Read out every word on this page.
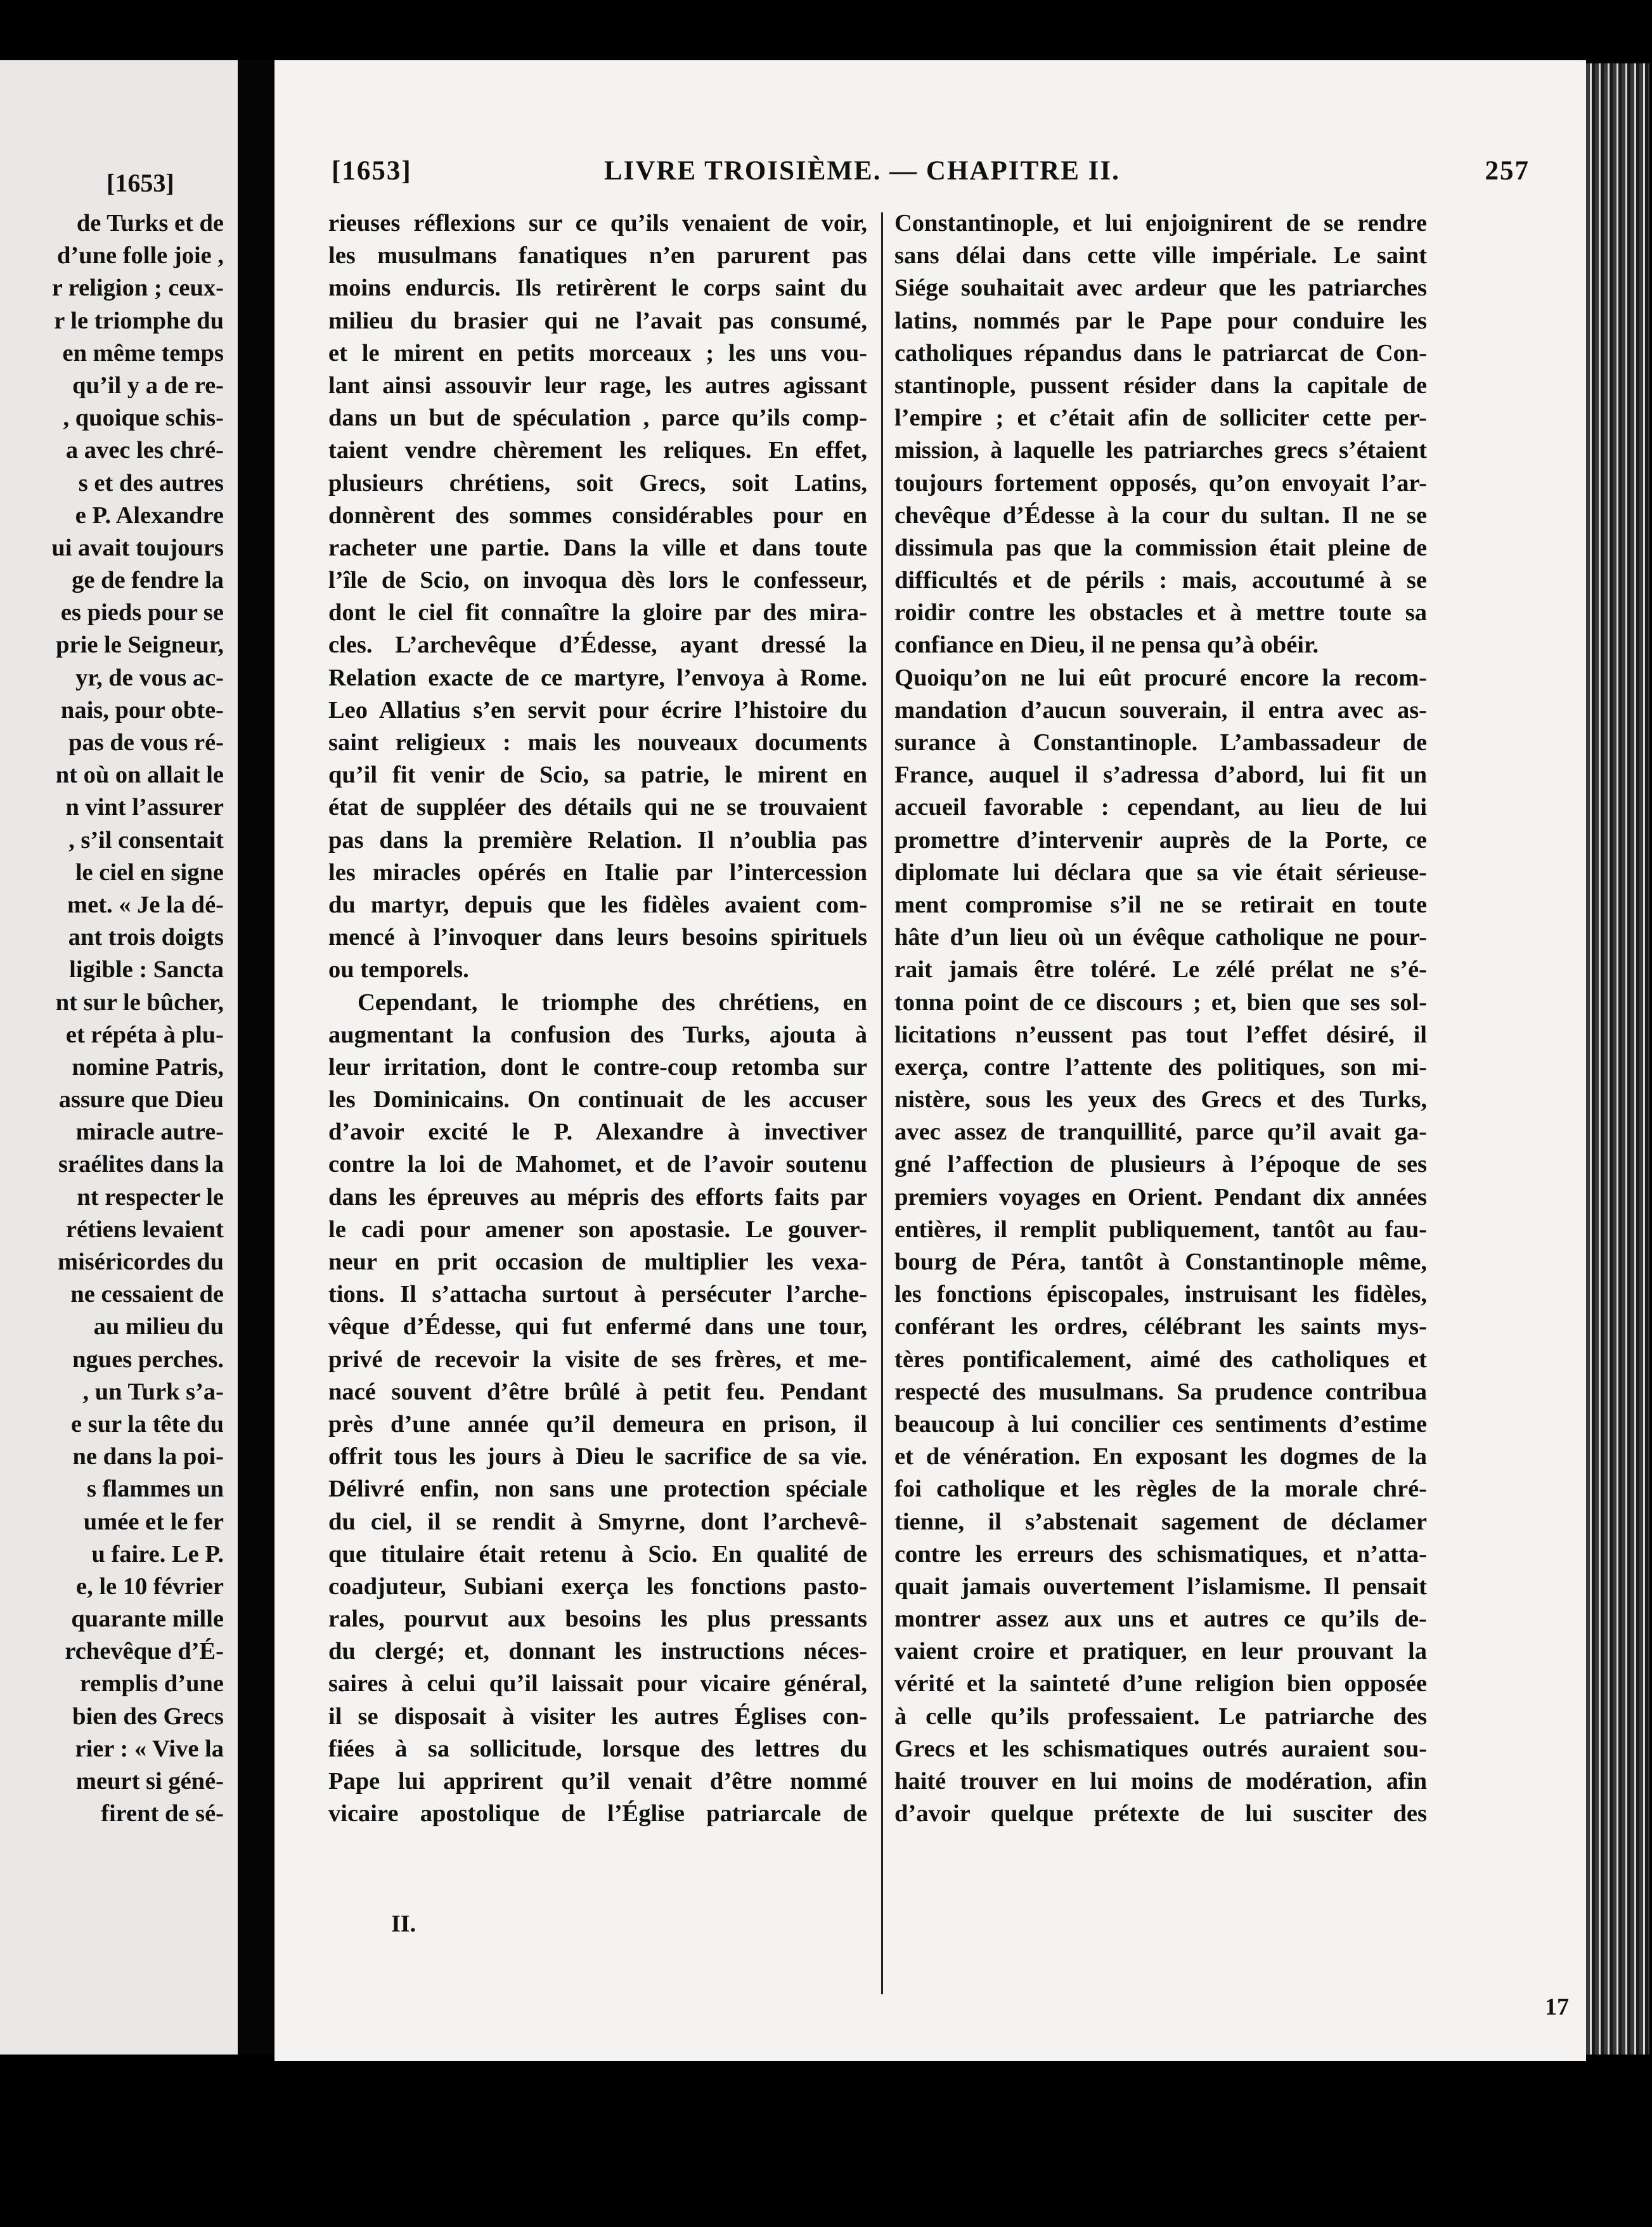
[1653]
de Turks et de
d’une folle joie ,
r religion ; ceux-
r le triomphe du
en même temps
qu’il y a de re-
, quoique schis-
a avec les chré-
s et des autres
e P. Alexandre
ui avait toujours
ge de fendre la
es pieds pour se
prie le Seigneur,
yr, de vous ac-
nais, pour obte-
pas de vous ré-
nt où on allait le
n vint l’assurer
, s’il consentait
le ciel en signe
met. « Je la dé-
ant trois doigts
ligible : Sancta
nt sur le bûcher,
et répéta à plu-
nomine Patris,
assure que Dieu
miracle autre-
sraélites dans la
nt respecter le
rétiens levaient
miséricordes du
ne cessaient de
au milieu du
ngues perches.
, un Turk s’a-
e sur la tête du
ne dans la poi-
s flammes un
umée et le fer
u faire. Le P.
e, le 10 février
quarante mille
rchevêque d’É-
remplis d’une
bien des Grecs
rier : « Vive la
meurt si géné-
firent de sé-
[1653]	LIVRE TROISIÈME. — CHAPITRE II.	257
rieuses réflexions sur ce qu’ils venaient de voir,
les musulmans fanatiques n’en parurent pas
moins endurcis. Ils retirèrent le corps saint du
milieu du brasier qui ne l’avait pas consumé,
et le mirent en petits morceaux ; les uns vou-
lant ainsi assouvir leur rage, les autres agissant
dans un but de spéculation , parce qu’ils comp-
taient vendre chèrement les reliques. En effet,
plusieurs chrétiens, soit Grecs, soit Latins,
donnèrent des sommes considérables pour en
racheter une partie. Dans la ville et dans toute
l’île de Scio, on invoqua dès lors le confesseur,
dont le ciel fit connaître la gloire par des mira-
cles. L’archevêque d’Édesse, ayant dressé la
Relation exacte de ce martyre, l’envoya à Rome.
Leo Allatius s’en servit pour écrire l’histoire du
saint religieux : mais les nouveaux documents
qu’il fit venir de Scio, sa patrie, le mirent en
état de suppléer des détails qui ne se trouvaient
pas dans la première Relation. Il n’oublia pas
les miracles opérés en Italie par l’intercession
du martyr, depuis que les fidèles avaient com-
mencé à l’invoquer dans leurs besoins spirituels
ou temporels.
Cependant, le triomphe des chrétiens, en
augmentant la confusion des Turks, ajouta à
leur irritation, dont le contre-coup retomba sur
les Dominicains. On continuait de les accuser
d’avoir excité le P. Alexandre à invectiver
contre la loi de Mahomet, et de l’avoir soutenu
dans les épreuves au mépris des efforts faits par
le cadi pour amener son apostasie. Le gouver-
neur en prit occasion de multiplier les vexa-
tions. Il s’attacha surtout à persécuter l’arche-
vêque d’Édesse, qui fut enfermé dans une tour,
privé de recevoir la visite de ses frères, et me-
nacé souvent d’être brûlé à petit feu. Pendant
près d’une année qu’il demeura en prison, il
offrit tous les jours à Dieu le sacrifice de sa vie.
Délivré enfin, non sans une protection spéciale
du ciel, il se rendit à Smyrne, dont l’archevê-
que titulaire était retenu à Scio. En qualité de
coadjuteur, Subiani exerça les fonctions pasto-
rales, pourvut aux besoins les plus pressants
du clergé; et, donnant les instructions néces-
saires à celui qu’il laissait pour vicaire général,
il se disposait à visiter les autres Églises con-
fiées à sa sollicitude, lorsque des lettres du
Pape lui apprirent qu’il venait d’être nommé
vicaire apostolique de l’Église patriarcale de
Constantinople, et lui enjoignirent de se rendre
sans délai dans cette ville impériale. Le saint
Siége souhaitait avec ardeur que les patriarches
latins, nommés par le Pape pour conduire les
catholiques répandus dans le patriarcat de Con-
stantinople, pussent résider dans la capitale de
l’empire ; et c’était afin de solliciter cette per-
mission, à laquelle les patriarches grecs s’étaient
toujours fortement opposés, qu’on envoyait l’ar-
chevêque d’Édesse à la cour du sultan. Il ne se
dissimula pas que la commission était pleine de
difficultés et de périls : mais, accoutumé à se
roidir contre les obstacles et à mettre toute sa
confiance en Dieu, il ne pensa qu’à obéir.
Quoiqu’on ne lui eût procuré encore la recom-
mandation d’aucun souverain, il entra avec as-
surance à Constantinople. L’ambassadeur de
France, auquel il s’adressa d’abord, lui fit un
accueil favorable : cependant, au lieu de lui
promettre d’intervenir auprès de la Porte, ce
diplomate lui déclara que sa vie était sérieuse-
ment compromise s’il ne se retirait en toute
hâte d’un lieu où un évêque catholique ne pour-
rait jamais être toléré. Le zélé prélat ne s’é-
tonna point de ce discours ; et, bien que ses sol-
licitations n’eussent pas tout l’effet désiré, il
exerça, contre l’attente des politiques, son mi-
nistère, sous les yeux des Grecs et des Turks,
avec assez de tranquillité, parce qu’il avait ga-
gné l’affection de plusieurs à l’époque de ses
premiers voyages en Orient. Pendant dix années
entières, il remplit publiquement, tantôt au fau-
bourg de Péra, tantôt à Constantinople même,
les fonctions épiscopales, instruisant les fidèles,
conférant les ordres, célébrant les saints mys-
tères pontificalement, aimé des catholiques et
respecté des musulmans. Sa prudence contribua
beaucoup à lui concilier ces sentiments d’estime
et de vénération. En exposant les dogmes de la
foi catholique et les règles de la morale chré-
tienne, il s’abstenait sagement de déclamer
contre les erreurs des schismatiques, et n’atta-
quait jamais ouvertement l’islamisme. Il pensait
montrer assez aux uns et autres ce qu’ils de-
vaient croire et pratiquer, en leur prouvant la
vérité et la sainteté d’une religion bien opposée
à celle qu’ils professaient. Le patriarche des
Grecs et les schismatiques outrés auraient sou-
haité trouver en lui moins de modération, afin
d’avoir quelque prétexte de lui susciter des
II.
17
